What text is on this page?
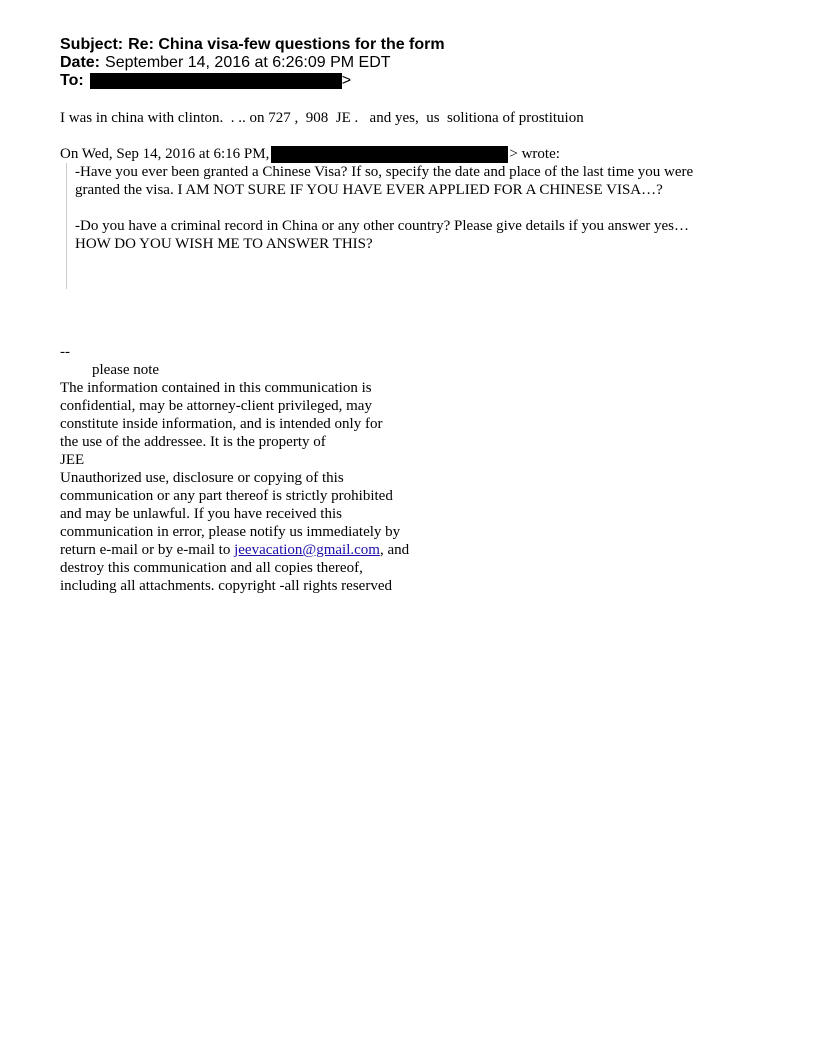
Subject: Re: China visa-few questions for the form
Date: September 14, 2016 at 6:26:09 PM EDT
To:	>
I was in china with clinton.  . .. on 727 ,  908  JE .   and yes,  us  solitiona of prostituion
On Wed, Sep 14, 2016 at 6:16 PM,	> wrote:

-Have you ever been granted a Chinese Visa? If so, specify the date and place of the last time you were

granted the visa. I AM NOT SURE IF YOU HAVE EVER APPLIED FOR A CHINESE VISA…?

-Do you have a criminal record in China or any other country? Please give details if you answer yes…

HOW DO YOU WISH ME TO ANSWER THIS?

--

please note

The information contained in this communication is

confidential, may be attorney-client privileged, may

constitute inside information, and is intended only for

the use of the addressee. It is the property of

JEE

Unauthorized use, disclosure or copying of this

communication or any part thereof is strictly prohibited

and may be unlawful. If you have received this

communication in error, please notify us immediately by

return e-mail or by e-mail to jeevacation@gmail.com, and

destroy this communication and all copies thereof,

including all attachments. copyright -all rights reserved
